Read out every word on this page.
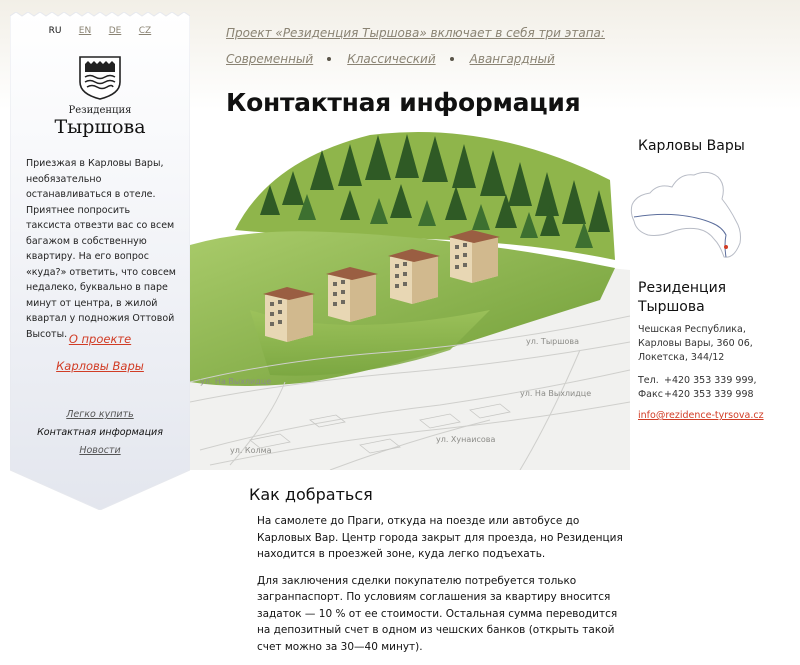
RU	EN	DE	CZ
Резиденция
Тыршова
Приезжая в Карловы Вары, необязательно останавливаться в отеле. Приятнее попросить таксиста отвезти вас со всем багажом в собственную квартиру. На его вопрос «куда?» ответить, что совсем недалеко, буквально в паре минут от центра, в жилой квартал у подножия Оттовой Высоты. О проекте
Карловы Вары
Легко купить
Контактная информация
Новости
Проект «Резиденция Тыршова» включает в себя три этапа:
Современный	Классический	Авангардный
Контактная информация
ул. Тыршова
ул. На Выхлидце
ул. На Выхлидце
ул. Хунаисова
ул. Колма
Карловы Вары
Резиденция Тыршова
Чешская Республика,
Карловы Вары, 360 06,
Локетска, 344/12
Тел. +420 353 339 999,
Факс+420 353 339 998
info@rezidence-tyrsova.cz
Как добраться

На самолете до Праги, откуда на поезде или автобусе до Карловых Вар. Центр города закрыт для проезда, но Резиденция находится в проезжей зоне, куда легко подъехать.

Для заключения сделки покупателю потребуется только загранпаспорт. По условиям соглашения за квартиру вносится задаток — 10 % от ее стоимости. Остальная сумма переводится на депозитный счет в одном из чешских банков (открыть такой счет можно за 30—40 минут).
